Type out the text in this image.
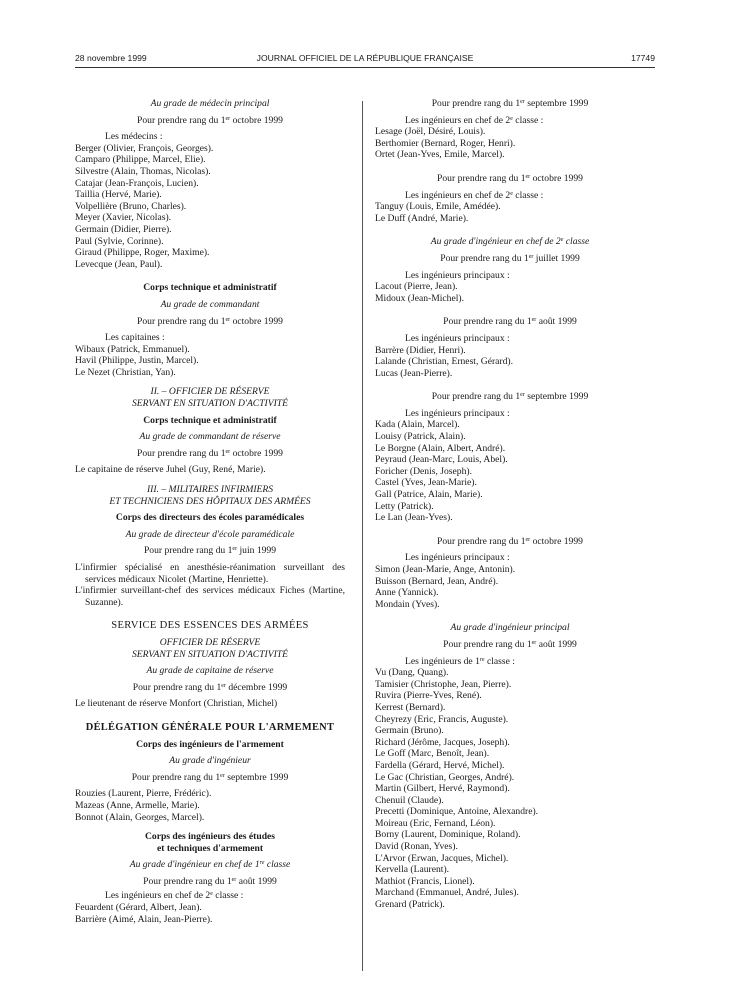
28 novembre 1999	JOURNAL OFFICIEL DE LA RÉPUBLIQUE FRANÇAISE	17749

Au grade de médecin principal

Pour prendre rang du 1er octobre 1999

Les médecins :

Berger (Olivier, François, Georges).

Camparo (Philippe, Marcel, Elie).

Silvestre (Alain, Thomas, Nicolas).

Catajar (Jean-François, Lucien).

Taillia (Hervé, Marie).

Volpellière (Bruno, Charles).

Meyer (Xavier, Nicolas).

Germain (Didier, Pierre).

Paul (Sylvie, Corinne).

Giraud (Philippe, Roger, Maxime).

Levecque (Jean, Paul).

Corps technique et administratif

Au grade de commandant

Pour prendre rang du 1er octobre 1999

Les capitaines :

Wibaux (Patrick, Emmanuel).

Havil (Philippe, Justin, Marcel).

Le Nezet (Christian, Yan).

II. – OFFICIER DE RÉSERVE

SERVANT EN SITUATION D'ACTIVITÉ

Corps technique et administratif

Au grade de commandant de réserve

Pour prendre rang du 1er octobre 1999

Le capitaine de réserve Juhel (Guy, René, Marie).

III. – MILITAIRES INFIRMIERS

ET TECHNICIENS DES HÔPITAUX DES ARMÉES

Corps des directeurs des écoles paramédicales

Au grade de directeur d'école paramédicale

Pour prendre rang du 1er juin 1999

L'infirmier spécialisé en anesthésie-réanimation surveillant des services médicaux Nicolet (Martine, Henriette).

L'infirmier surveillant-chef des services médicaux Fiches (Martine, Suzanne).

SERVICE DES ESSENCES DES ARMÉES

OFFICIER DE RÉSERVE

SERVANT EN SITUATION D'ACTIVITÉ

Au grade de capitaine de réserve

Pour prendre rang du 1er décembre 1999

Le lieutenant de réserve Monfort (Christian, Michel)

DÉLÉGATION GÉNÉRALE POUR L'ARMEMENT

Corps des ingénieurs de l'armement

Au grade d'ingénieur

Pour prendre rang du 1er septembre 1999

Rouzies (Laurent, Pierre, Frédéric).

Mazeas (Anne, Armelle, Marie).

Bonnot (Alain, Georges, Marcel).

Corps des ingénieurs des études

et techniques d'armement

Au grade d'ingénieur en chef de 1re classe

Pour prendre rang du 1er août 1999

Les ingénieurs en chef de 2e classe :

Feuardent (Gérard, Albert, Jean).

Barrière (Aimé, Alain, Jean-Pierre).

Pour prendre rang du 1er septembre 1999

Les ingénieurs en chef de 2e classe :

Lesage (Joël, Désiré, Louis).

Berthomier (Bernard, Roger, Henri).

Ortet (Jean-Yves, Emile, Marcel).

Pour prendre rang du 1er octobre 1999

Les ingénieurs en chef de 2e classe :

Tanguy (Louis, Emile, Amédée).

Le Duff (André, Marie).

Au grade d'ingénieur en chef de 2e classe

Pour prendre rang du 1er juillet 1999

Les ingénieurs principaux :

Lacout (Pierre, Jean).

Midoux (Jean-Michel).

Pour prendre rang du 1er août 1999

Les ingénieurs principaux :

Barrère (Didier, Henri).

Lalande (Christian, Ernest, Gérard).

Lucas (Jean-Pierre).

Pour prendre rang du 1er septembre 1999

Les ingénieurs principaux :

Kada (Alain, Marcel).

Louisy (Patrick, Alain).

Le Borgne (Alain, Albert, André).

Peyraud (Jean-Marc, Louis, Abel).

Foricher (Denis, Joseph).

Castel (Yves, Jean-Marie).

Gall (Patrice, Alain, Marie).

Letty (Patrick).

Le Lan (Jean-Yves).

Pour prendre rang du 1er octobre 1999

Les ingénieurs principaux :

Simon (Jean-Marie, Ange, Antonin).

Buisson (Bernard, Jean, André).

Anne (Yannick).

Mondain (Yves).

Au grade d'ingénieur principal

Pour prendre rang du 1er août 1999

Les ingénieurs de 1re classe :

Vu (Dang, Quang).

Tamisier (Christophe, Jean, Pierre).

Ruvira (Pierre-Yves, René).

Kerrest (Bernard).

Cheyrezy (Eric, Francis, Auguste).

Germain (Bruno).

Richard (Jérôme, Jacques, Joseph).

Le Goff (Marc, Benoît, Jean).

Fardella (Gérard, Hervé, Michel).

Le Gac (Christian, Georges, André).

Martin (Gilbert, Hervé, Raymond).

Chenuil (Claude).

Precetti (Dominique, Antoine, Alexandre).

Moireau (Eric, Fernand, Léon).

Borny (Laurent, Dominique, Roland).

David (Ronan, Yves).

L'Arvor (Erwan, Jacques, Michel).

Kervella (Laurent).

Mathiot (Francis, Lionel).

Marchand (Emmanuel, André, Jules).

Grenard (Patrick).
